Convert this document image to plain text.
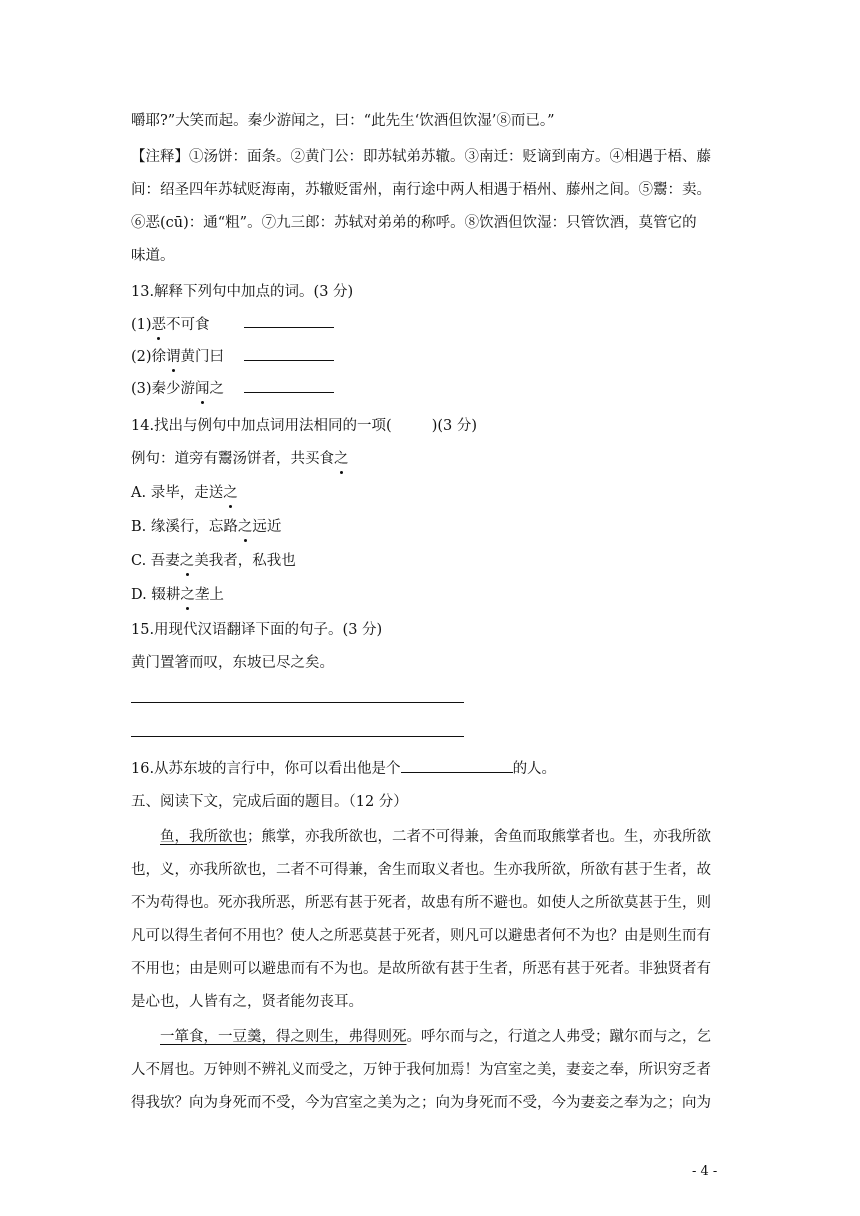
嚼耶?”大笑而起。秦少游闻之，曰：“此先生‘饮酒但饮湿’⑧而已。”
【注释】①汤饼：面条。②黄门公：即苏轼弟苏辙。③南迁：贬谪到南方。④相遇于梧、藤
间：绍圣四年苏轼贬海南，苏辙贬雷州，南行途中两人相遇于梧州、藤州之间。⑤鬻：卖。
⑥恶(cū)：通“粗”。⑦九三郎：苏轼对弟弟的称呼。⑧饮酒但饮湿：只管饮酒，莫管它的
味道。
13.解释下列句中加点的词。(3 分)
(1)恶不可食
(2)徐谓黄门曰
(3)秦少游闻之
14.找出与例句中加点词用法相同的一项(	)(3 分)
例句：道旁有鬻汤饼者，共买食之
A. 录毕，走送之
B. 缘溪行，忘路之远近
C. 吾妻之美我者，私我也
D. 辍耕之垄上
15.用现代汉语翻译下面的句子。(3 分)
黄门置箸而叹，东坡已尽之矣。
16.从苏东坡的言行中，你可以看出他是个	的人。
五、阅读下文，完成后面的题目。（12 分）
鱼，我所欲也；熊掌，亦我所欲也，二者不可得兼，舍鱼而取熊掌者也。生，亦我所欲
也，义，亦我所欲也，二者不可得兼，舍生而取义者也。生亦我所欲，所欲有甚于生者，故
不为苟得也。死亦我所恶，所恶有甚于死者，故患有所不避也。如使人之所欲莫甚于生，则
凡可以得生者何不用也？使人之所恶莫甚于死者，则凡可以避患者何不为也？由是则生而有
不用也；由是则可以避患而有不为也。是故所欲有甚于生者，所恶有甚于死者。非独贤者有
是心也，人皆有之，贤者能勿丧耳。
一箪食，一豆羹，得之则生，弗得则死。呼尔而与之，行道之人弗受；蹴尔而与之，乞
人不屑也。万钟则不辨礼义而受之，万钟于我何加焉！为宫室之美，妻妾之奉，所识穷乏者
得我欤？向为身死而不受，今为宫室之美为之；向为身死而不受，今为妻妾之奉为之；向为
- 4 -
